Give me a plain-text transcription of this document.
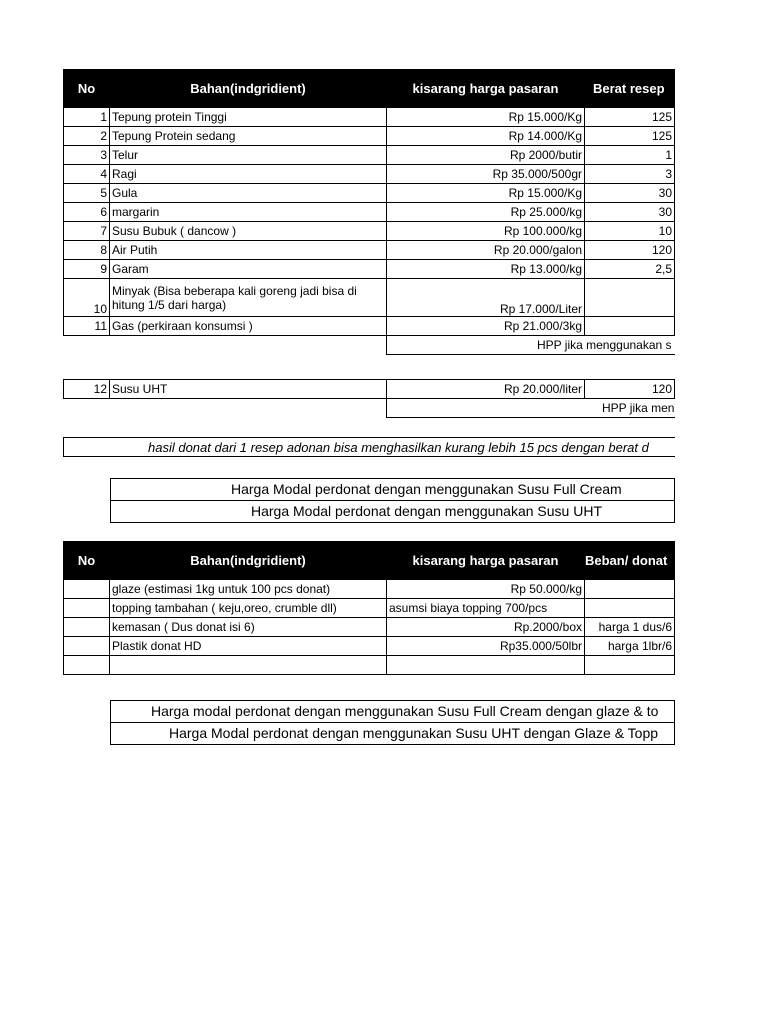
No	Bahan(indgridient)	kisarang harga pasaran	Berat resep	
1	Tepung protein Tinggi	Rp 15.000/Kg	125	
2	Tepung Protein sedang	Rp 14.000/Kg	125	
3	Telur	Rp 2000/butir	1	
4	Ragi	Rp 35.000/500gr	3	
5	Gula	Rp 15.000/Kg	30	
6	margarin	Rp 25.000/kg	30	
7	Susu Bubuk ( dancow )	Rp 100.000/kg	10	
8	Air Putih	Rp 20.000/galon	120	
9	Garam	Rp 13.000/kg	2,5	
10	Minyak (Bisa beberapa kali goreng jadi bisa di hitung 1/5 dari harga)	Rp 17.000/Liter		
11	Gas (perkiraan konsumsi )	Rp 21.000/3kg		
		HPP jika menggunakan s		
12	Susu UHT	Rp 20.000/liter	120	
		HPP jika men		
hasil donat dari 1 resep adonan bisa menghasilkan kurang lebih 15 pcs dengan berat d
Harga Modal perdonat dengan menggunakan Susu Full Cream
Harga Modal perdonat dengan menggunakan Susu UHT
No	Bahan(indgridient)	kisarang harga pasaran	Beban/ donat	
	glaze (estimasi 1kg untuk 100 pcs donat)	Rp 50.000/kg		
	topping tambahan ( keju,oreo, crumble dll)	asumsi biaya topping 700/pcs		
	kemasan ( Dus donat isi 6)	Rp.2000/box	harga 1 dus/6	
	Plastik donat HD	Rp35.000/50lbr	harga 1lbr/6	

Harga modal perdonat dengan menggunakan Susu Full Cream dengan glaze & to
Harga Modal perdonat dengan menggunakan Susu UHT dengan Glaze & Topp
